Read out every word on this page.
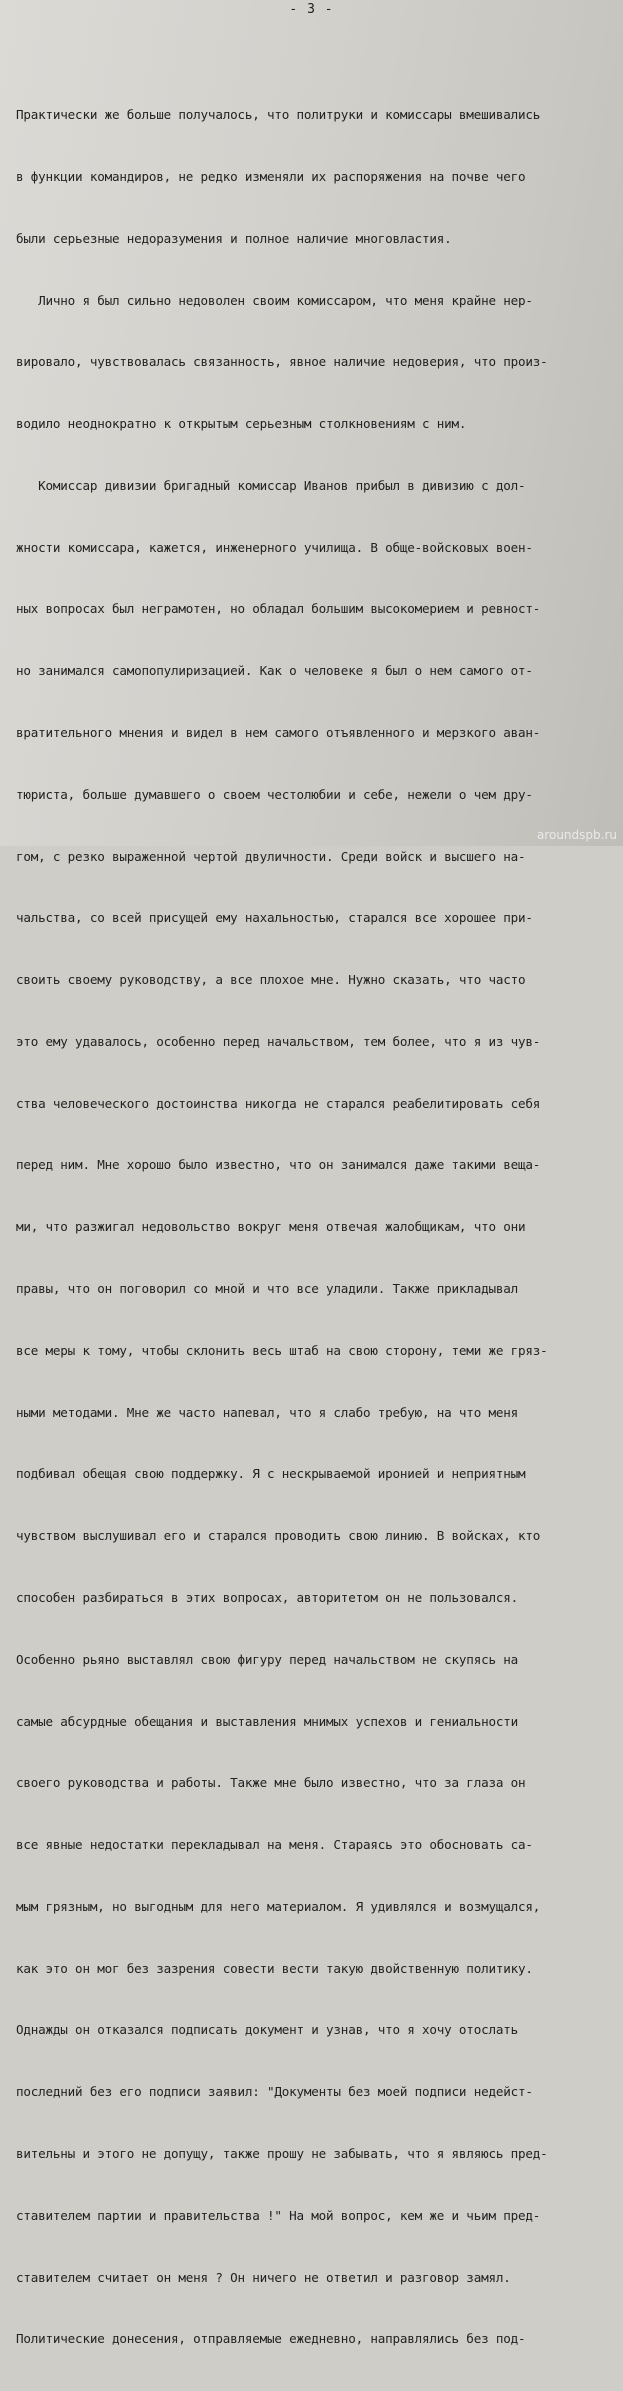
- 3 -

Практически же больше получалось, что политруки и комиссары вмешивались

в функции командиров, не редко изменяли их распоряжения на почве чего

были серьезные недоразумения и полное наличие многовластия.

Лично я был сильно недоволен своим комиссаром, что меня крайне нер-

вировало, чувствовалась связанность, явное наличие недоверия, что произ-

водило неоднократно к открытым серьезным столкновениям с ним.

Комиссар дивизии бригадный комиссар Иванов прибыл в дивизию с дол-

жности комиссара, кажется, инженерного училища. В обще-войсковых воен-

ных вопросах был неграмотен, но обладал большим высокомерием и ревност-

но занимался самопопулиризацией. Как о человеке я был о нем самого от-

вратительного мнения и видел в нем самого отъявленного и мерзкого аван-

тюриста, больше думавшего о своем честолюбии и себе, нежели о чем дру-

гом, с резко выраженной чертой двуличности. Среди войск и высшего на-

чальства, со всей присущей ему нахальностью, старался все хорошее при-

своить своему руководству, а все плохое мне. Нужно сказать, что часто

это ему удавалось, особенно перед начальством, тем более, что я из чув-

ства человеческого достоинства никогда не старался реабелитировать себя

перед ним. Мне хорошо было известно, что он занимался даже такими веща-

ми, что разжигал недовольство вокруг меня отвечая жалобщикам, что они

правы, что он поговорил со мной и что все уладили. Также прикладывал

все меры к тому, чтобы склонить весь штаб на свою сторону, теми же гряз-

ными методами. Мне же часто напевал, что я слабо требую, на что меня

подбивал обещая свою поддержку. Я с нескрываемой иронией и неприятным

чувством выслушивал его и старался проводить свою линию. В войсках, кто

способен разбираться в этих вопросах, авторитетом он не пользовался.

Особенно рьяно выставлял свою фигуру перед начальством не скупясь на

самые абсурдные обещания и выставления мнимых успехов и гениальности

своего руководства и работы. Также мне было известно, что за глаза он

все явные недостатки перекладывал на меня. Стараясь это обосновать са-

мым грязным, но выгодным для него материалом. Я удивлялся и возмущался,

как это он мог без зазрения совести вести такую двойственную политику.

Однажды он отказался подписать документ и узнав, что я хочу отослать

последний без его подписи заявил: "Документы без моей подписи недейст-

вительны и этого не допущу, также прошу не забывать, что я являюсь пред-

ставителем партии и правительства !" На мой вопрос, кем же и чьим пред-

ставителем считает он меня ? Он ничего не ответил и разговор замял.

Политические донесения, отправляемые ежедневно, направлялись без под-

aroundspb.ru
